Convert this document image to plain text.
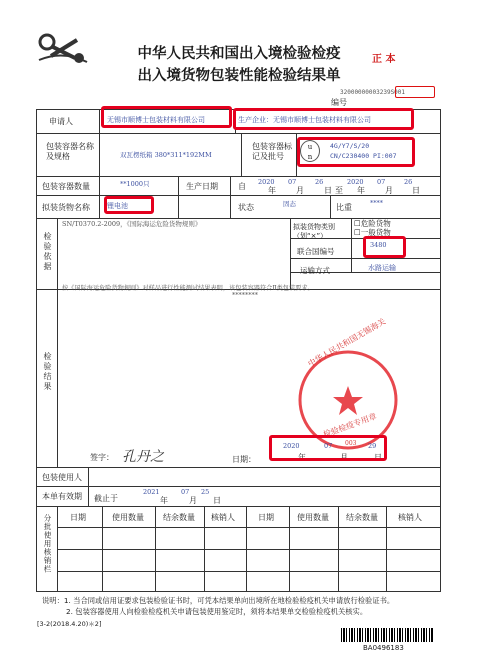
中华人民共和国出入境检验检疫
出入境货物包装性能检验结果单
正 本
32000000003239S001
编号
申请人	无锡市顺博士包装材料有限公司	生产企业：无锡市顺博士包装材料有限公司
包装容器名称及规格	双瓦楞纸箱 380*311*192MM
包装容器标记及批号
u n
4G/Y7/S/20
CN/C230400 PI:007
包装容器数量	**1000只	生产日期	自 2020
年
07
月
26
日 至
2020
年
07
月
26
日
拟装货物名称 锂电池	状态	固态	比重	****
检验依据
SN/T0370.2-2009，《国际海运危险货物规则》	拟装货物类别（划“×”）
☐危险货物
☐一般货物
联合国编号
3480
运输方式	水路运输
检验结果
按《国际海运危险货物规则》对样品进行性能测试结果表明，该包装容器符合Ⅱ类包装要求。
********
中华人民共和国无锡海关
检验检疫专用章
003
签字： 孔丹之	日期：
2020
年
07
月
29
日
包装使用人
本单有效期 截止于
2021
年
07
月
25
日
分批使用核销栏 日期	使用数量 结余数量 核销人	日期	使用数量 结余数量	核销人
说明：1. 当合同或信用证要求包装检验证书时，可凭本结果单向出境所在地检验检疫机关申请放行检验证书。
2. 包装容器使用人向检验检疫机关申请包装使用鉴定时，须将本结果单交检验检疫机关核实。
[3-2(2018.4.20)＊2]
BA0496183
